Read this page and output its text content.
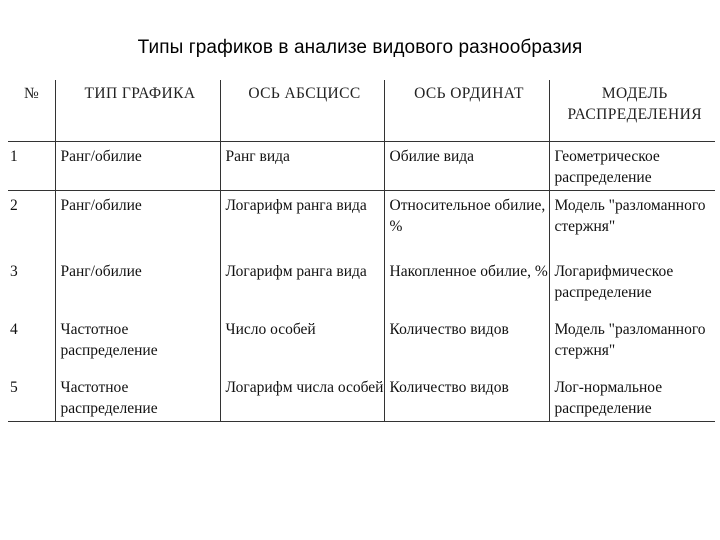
Типы графиков в анализе видового разнообразия
№	ТИП ГРАФИКА	ОСЬ АБСЦИСС	ОСЬ ОРДИНАТ	МОДЕЛЬ РАСПРЕДЕЛЕНИЯ
1	Ранг/обилие	Ранг вида	Обилие вида	Геометрическое распределение
2	Ранг/обилие	Логарифм ранга вида	Относительное обилие, %	Модель "разломанного стержня"
3	Ранг/обилие	Логарифм ранга вида	Накопленное обилие, %	Логарифмическое распределение
4	Частотное распределение	Число особей	Количество видов	Модель "разломанного стержня"
5	Частотное распределение	Логарифм числа особей	Количество видов	Лог-нормальное распределение
